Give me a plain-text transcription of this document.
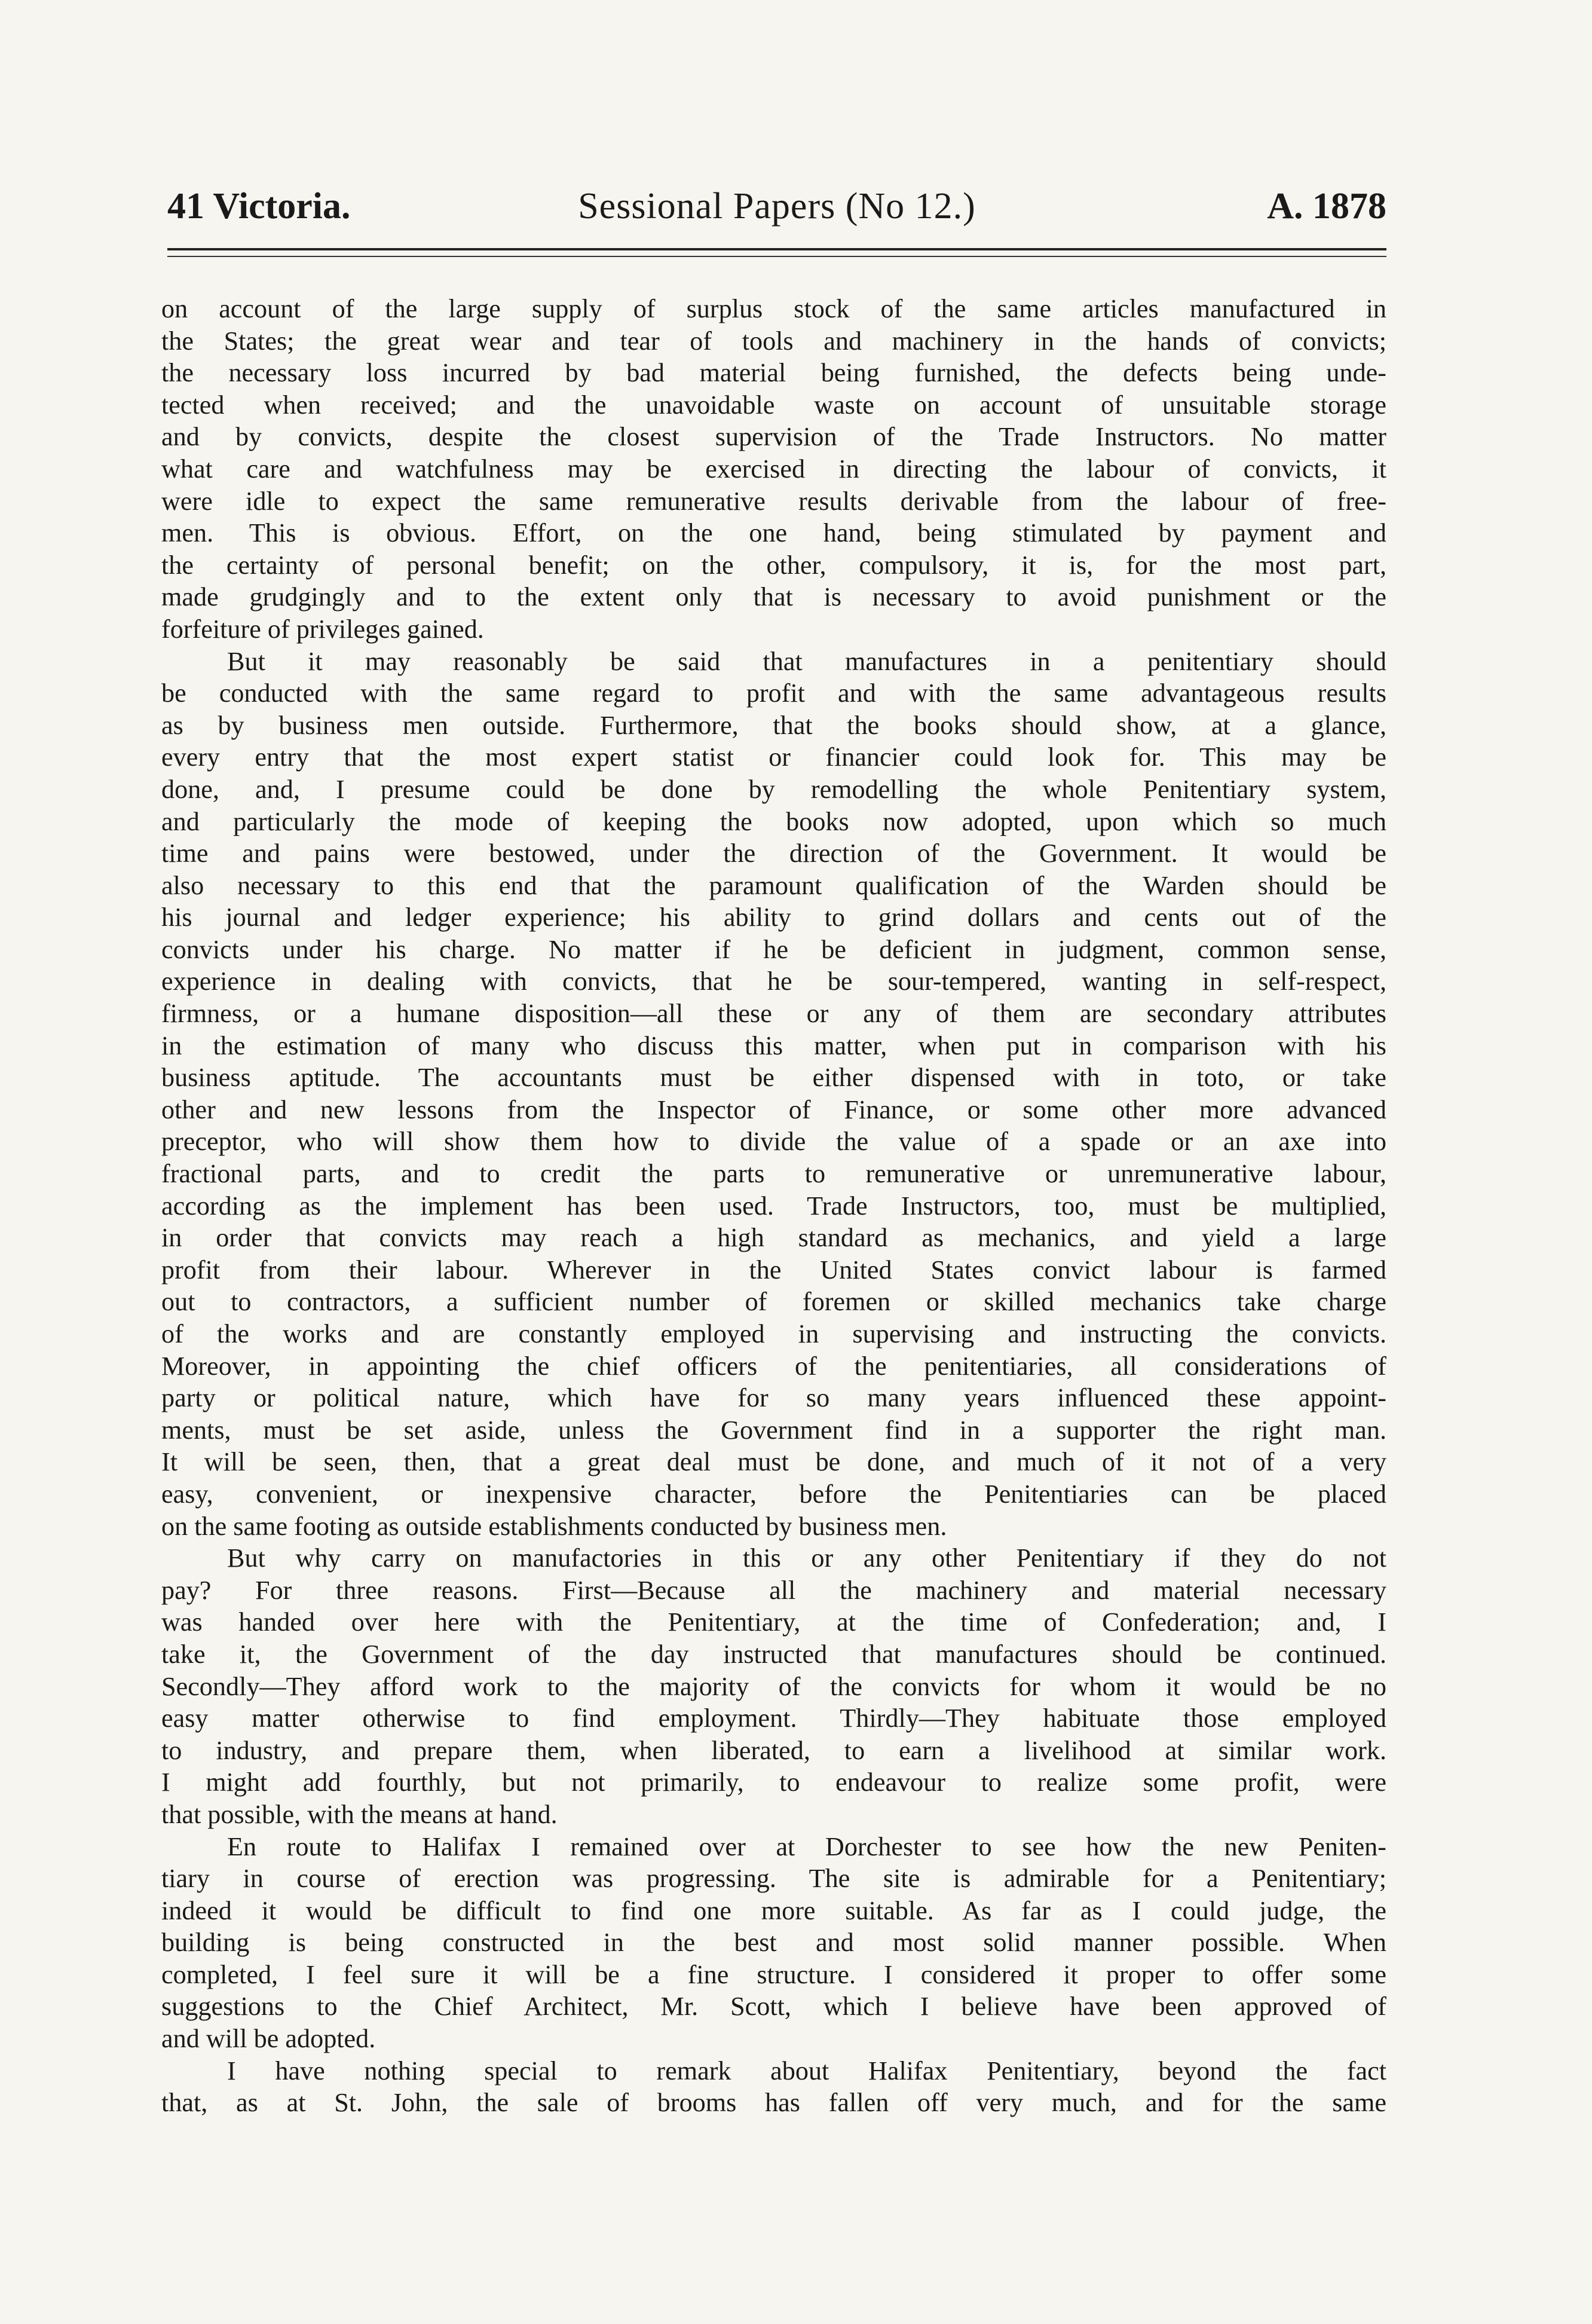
41 Victoria.	Sessional Papers (No 12.)	A. 1878
on account of the large supply of surplus stock of the same articles manufactured in
the States; the great wear and tear of tools and machinery in the hands of convicts;
the necessary loss incurred by bad material being furnished, the defects being unde-
tected when received; and the unavoidable waste on account of unsuitable storage
and by convicts, despite the closest supervision of the Trade Instructors. No matter
what care and watchfulness may be exercised in directing the labour of convicts, it
were idle to expect the same remunerative results derivable from the labour of free-
men. This is obvious. Effort, on the one hand, being stimulated by payment and
the certainty of personal benefit; on the other, compulsory, it is, for the most part,
made grudgingly and to the extent only that is necessary to avoid punishment or the
forfeiture of privileges gained.
But it may reasonably be said that manufactures in a penitentiary should
be conducted with the same regard to profit and with the same advantageous results
as by business men outside. Furthermore, that the books should show, at a glance,
every entry that the most expert statist or financier could look for. This may be
done, and, I presume could be done by remodelling the whole Penitentiary system,
and particularly the mode of keeping the books now adopted, upon which so much
time and pains were bestowed, under the direction of the Government. It would be
also necessary to this end that the paramount qualification of the Warden should be
his journal and ledger experience; his ability to grind dollars and cents out of the
convicts under his charge. No matter if he be deficient in judgment, common sense,
experience in dealing with convicts, that he be sour-tempered, wanting in self-respect,
firmness, or a humane disposition—all these or any of them are secondary attributes
in the estimation of many who discuss this matter, when put in comparison with his
business aptitude. The accountants must be either dispensed with in toto, or take
other and new lessons from the Inspector of Finance, or some other more advanced
preceptor, who will show them how to divide the value of a spade or an axe into
fractional parts, and to credit the parts to remunerative or unremunerative labour,
according as the implement has been used. Trade Instructors, too, must be multiplied,
in order that convicts may reach a high standard as mechanics, and yield a large
profit from their labour. Wherever in the United States convict labour is farmed
out to contractors, a sufficient number of foremen or skilled mechanics take charge
of the works and are constantly employed in supervising and instructing the convicts.
Moreover, in appointing the chief officers of the penitentiaries, all considerations of
party or political nature, which have for so many years influenced these appoint-
ments, must be set aside, unless the Government find in a supporter the right man.
It will be seen, then, that a great deal must be done, and much of it not of a very
easy, convenient, or inexpensive character, before the Penitentiaries can be placed
on the same footing as outside establishments conducted by business men.
But why carry on manufactories in this or any other Penitentiary if they do not
pay? For three reasons. First—Because all the machinery and material necessary
was handed over here with the Penitentiary, at the time of Confederation; and, I
take it, the Government of the day instructed that manufactures should be continued.
Secondly—They afford work to the majority of the convicts for whom it would be no
easy matter otherwise to find employment. Thirdly—They habituate those employed
to industry, and prepare them, when liberated, to earn a livelihood at similar work.
I might add fourthly, but not primarily, to endeavour to realize some profit, were
that possible, with the means at hand.
En route to Halifax I remained over at Dorchester to see how the new Peniten-
tiary in course of erection was progressing. The site is admirable for a Penitentiary;
indeed it would be difficult to find one more suitable. As far as I could judge, the
building is being constructed in the best and most solid manner possible. When
completed, I feel sure it will be a fine structure. I considered it proper to offer some
suggestions to the Chief Architect, Mr. Scott, which I believe have been approved of
and will be adopted.
I have nothing special to remark about Halifax Penitentiary, beyond the fact
that, as at St. John, the sale of brooms has fallen off very much, and for the same
